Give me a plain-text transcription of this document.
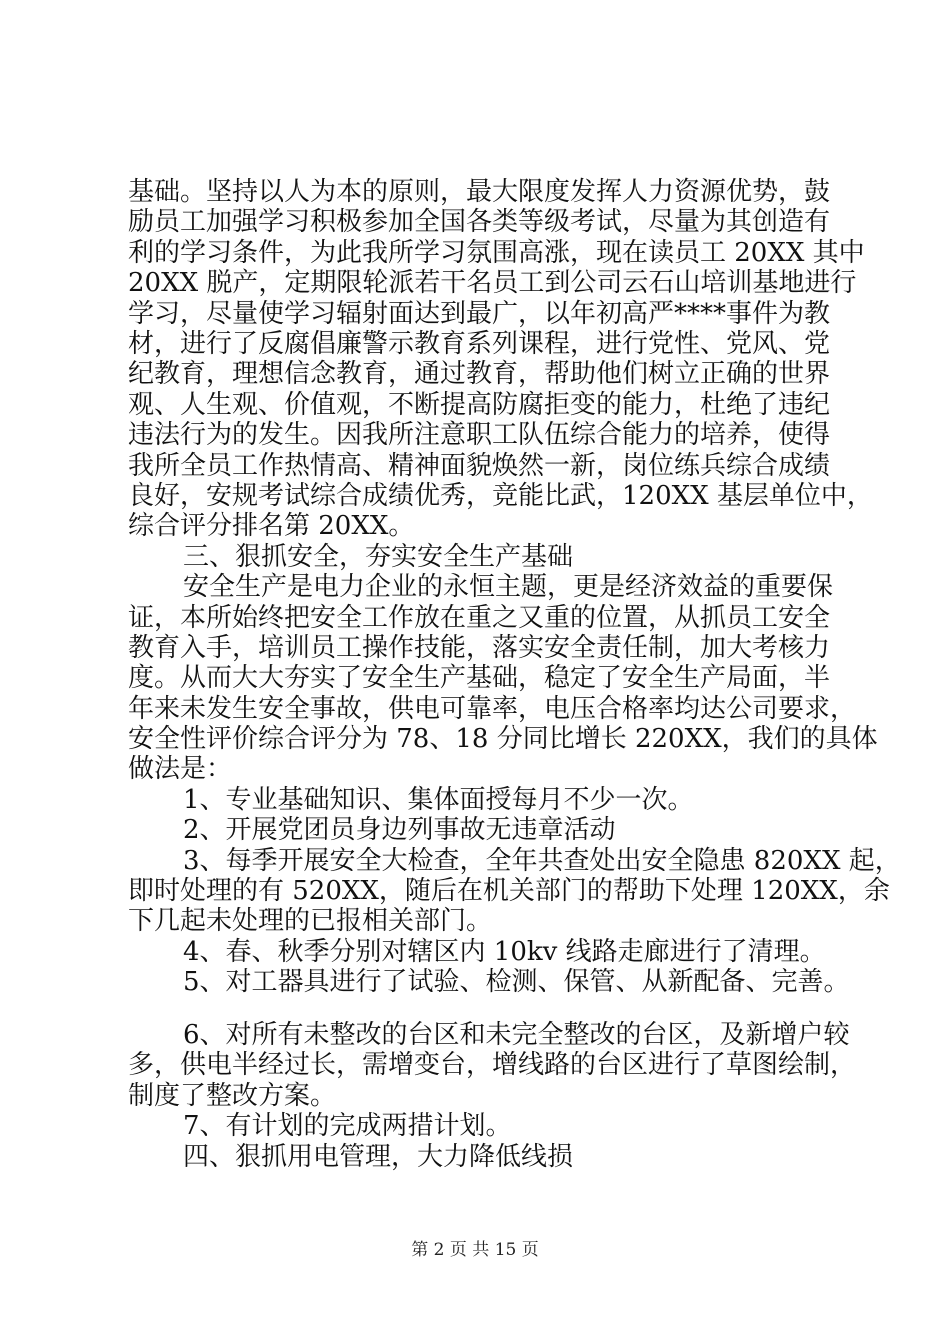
基础。坚持以人为本的原则，最大限度发挥人力资源优势，鼓
励员工加强学习积极参加全国各类等级考试，尽量为其创造有
利的学习条件，为此我所学习氛围高涨，现在读员工 20XX 其中
20XX 脱产，定期限轮派若干名员工到公司云石山培训基地进行
学习，尽量使学习辐射面达到最广，以年初高严****事件为教
材，进行了反腐倡廉警示教育系列课程，进行党性、党风、党
纪教育，理想信念教育，通过教育，帮助他们树立正确的世界
观、人生观、价值观，不断提高防腐拒变的能力，杜绝了违纪
违法行为的发生。因我所注意职工队伍综合能力的培养，使得
我所全员工作热情高、精神面貌焕然一新，岗位练兵综合成绩
良好，安规考试综合成绩优秀，竞能比武，120XX 基层单位中，
综合评分排名第 20XX。
三、狠抓安全，夯实安全生产基础
安全生产是电力企业的永恒主题，更是经济效益的重要保
证，本所始终把安全工作放在重之又重的位置，从抓员工安全
教育入手，培训员工操作技能，落实安全责任制，加大考核力
度。从而大大夯实了安全生产基础，稳定了安全生产局面，半
年来未发生安全事故，供电可靠率，电压合格率均达公司要求，
安全性评价综合评分为 78、18 分同比增长 220XX，我们的具体
做法是：
1、专业基础知识、集体面授每月不少一次。
2、开展党团员身边列事故无违章活动
3、每季开展安全大检查，全年共查处出安全隐患 820XX 起，
即时处理的有 520XX，随后在机关部门的帮助下处理 120XX，余
下几起未处理的已报相关部门。
4、春、秋季分别对辖区内 10kv 线路走廊进行了清理。
5、对工器具进行了试验、检测、保管、从新配备、完善。
6、对所有未整改的台区和未完全整改的台区，及新增户较
多，供电半经过长，需增变台，增线路的台区进行了草图绘制，
制度了整改方案。
7、有计划的完成两措计划。
四、狠抓用电管理，大力降低线损
第 2 页 共 15 页
